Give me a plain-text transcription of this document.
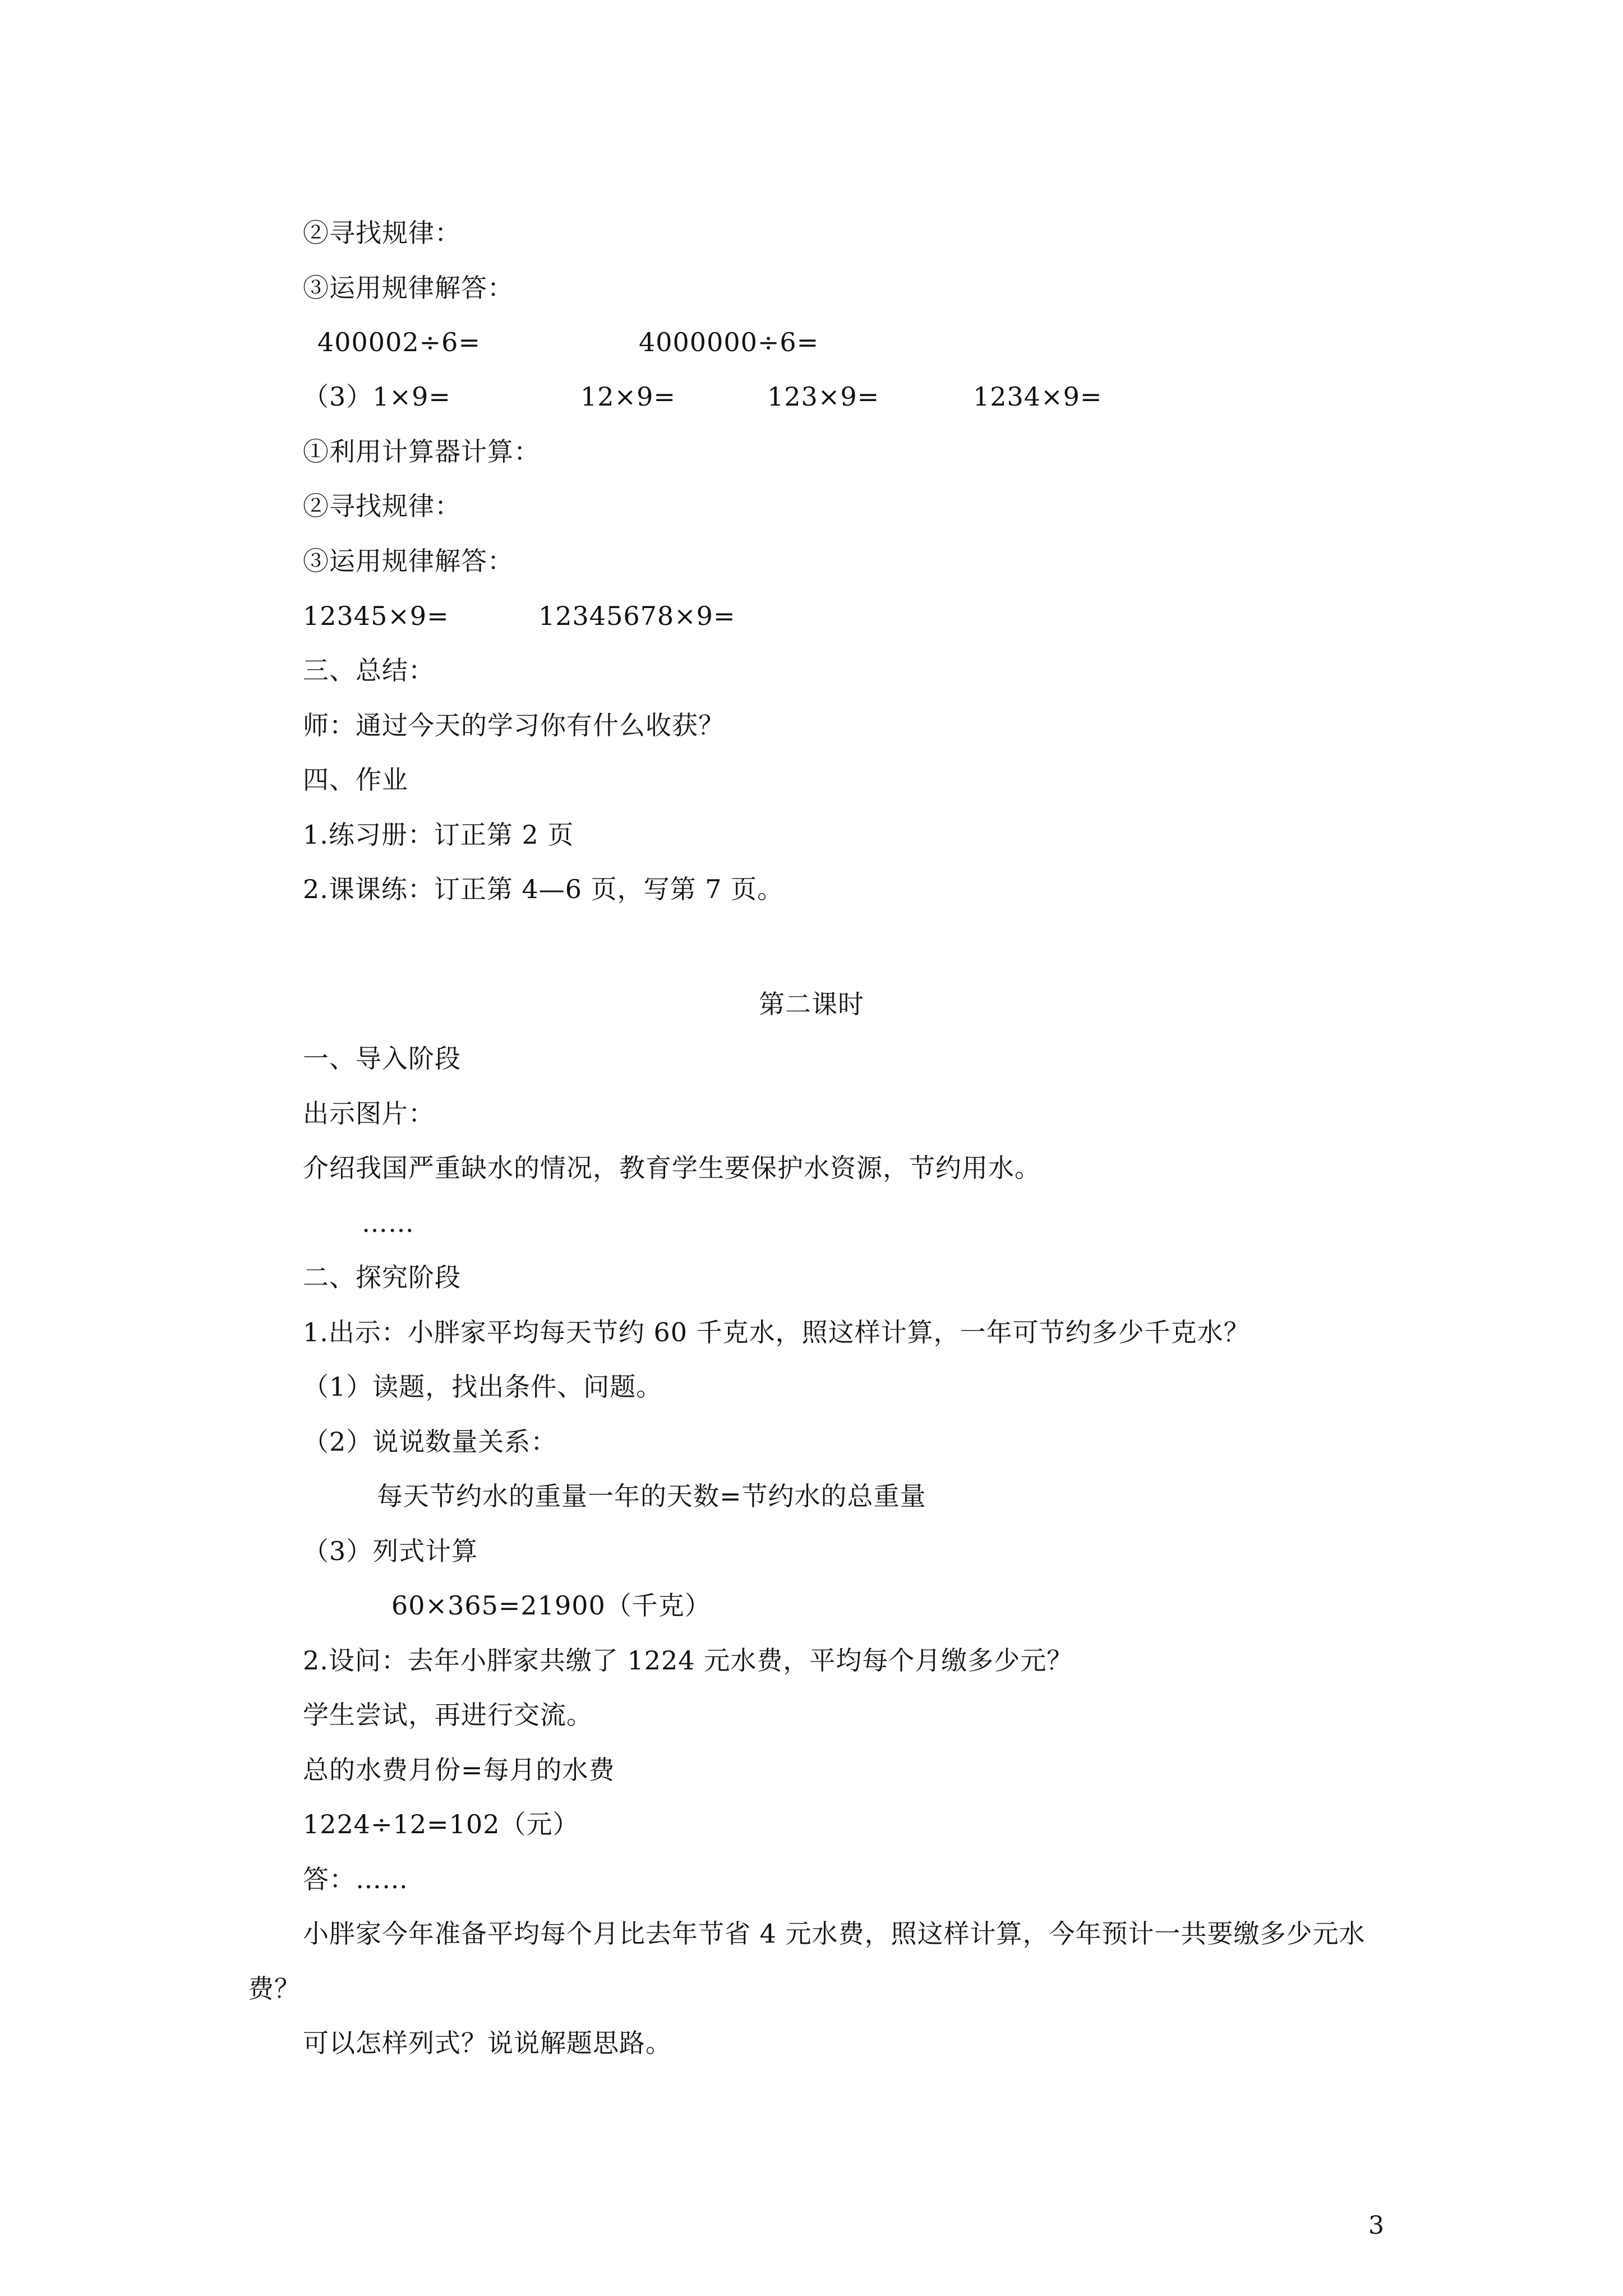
②寻找规律：
③运用规律解答：
400002÷6=	4000000÷6=
（3）1×9=	12×9=	123×9=	1234×9=
①利用计算器计算：
②寻找规律：
③运用规律解答：
12345×9=	12345678×9=
三、总结：
师：通过今天的学习你有什么收获？
四、作业
1.练习册：订正第 2 页
2.课课练：订正第 4—6 页，写第 7 页。
第二课时
一、导入阶段
出示图片：
介绍我国严重缺水的情况，教育学生要保护水资源，节约用水。
……
二、探究阶段
1.出示：小胖家平均每天节约 60 千克水，照这样计算，一年可节约多少千克水？
（1）读题，找出条件、问题。
（2）说说数量关系：
每天节约水的重量一年的天数=节约水的总重量
（3）列式计算
60×365=21900（千克）
2.设问：去年小胖家共缴了 1224 元水费，平均每个月缴多少元？
学生尝试，再进行交流。
总的水费月份=每月的水费
1224÷12=102（元）
答：……
小胖家今年准备平均每个月比去年节省 4 元水费，照这样计算，今年预计一共要缴多少元水费？
可以怎样列式？说说解题思路。
3
